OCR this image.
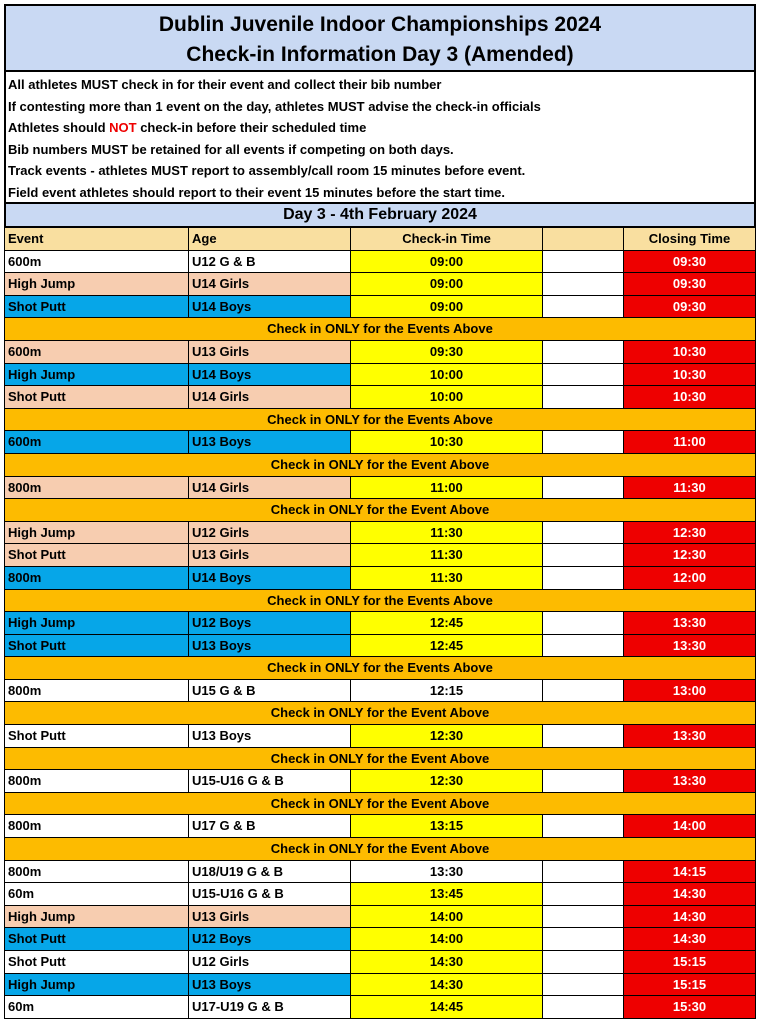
Dublin Juvenile Indoor Championships 2024
Check-in Information Day 3 (Amended)
All athletes MUST check in for their event and collect their bib number
If contesting more than 1 event on the day, athletes MUST advise the check-in officials
Athletes should NOT check-in before their scheduled time
Bib numbers MUST be retained for all events if competing on both days.
Track events - athletes MUST report to assembly/call room 15 minutes before event.
Field event athletes should report to their event 15 minutes before the start time.
Day 3 - 4th February 2024
Event	Age	Check-in Time	Closing Time
600m	U12 G & B	09:00	09:30
High Jump	U14 Girls	09:00	09:30
Shot Putt	U14 Boys	09:00	09:30
Check in ONLY for the Events Above
600m	U13 Girls	09:30	10:30
High Jump	U14 Boys	10:00	10:30
Shot Putt	U14 Girls	10:00	10:30
Check in ONLY for the Events Above
600m	U13 Boys	10:30	11:00
Check in ONLY for the Event Above
800m	U14 Girls	11:00	11:30
Check in ONLY for the Event Above
High Jump	U12 Girls	11:30	12:30
Shot Putt	U13 Girls	11:30	12:30
800m	U14 Boys	11:30	12:00
Check in ONLY for the Events Above
High Jump	U12 Boys	12:45	13:30
Shot Putt	U13 Boys	12:45	13:30
Check in ONLY for the Events Above
800m	U15 G & B	12:15	13:00
Check in ONLY for the Event Above
Shot Putt	U13 Boys	12:30	13:30
Check in ONLY for the Event Above
800m	U15-U16 G & B	12:30	13:30
Check in ONLY for the Event Above
800m	U17 G & B	13:15	14:00
Check in ONLY for the Event Above
800m	U18/U19 G & B	13:30	14:15
60m	U15-U16 G & B	13:45	14:30
High Jump	U13 Girls	14:00	14:30
Shot Putt	U12 Boys	14:00	14:30
Shot Putt	U12 Girls	14:30	15:15
High Jump	U13 Boys	14:30	15:15
60m	U17-U19 G & B	14:45	15:30
